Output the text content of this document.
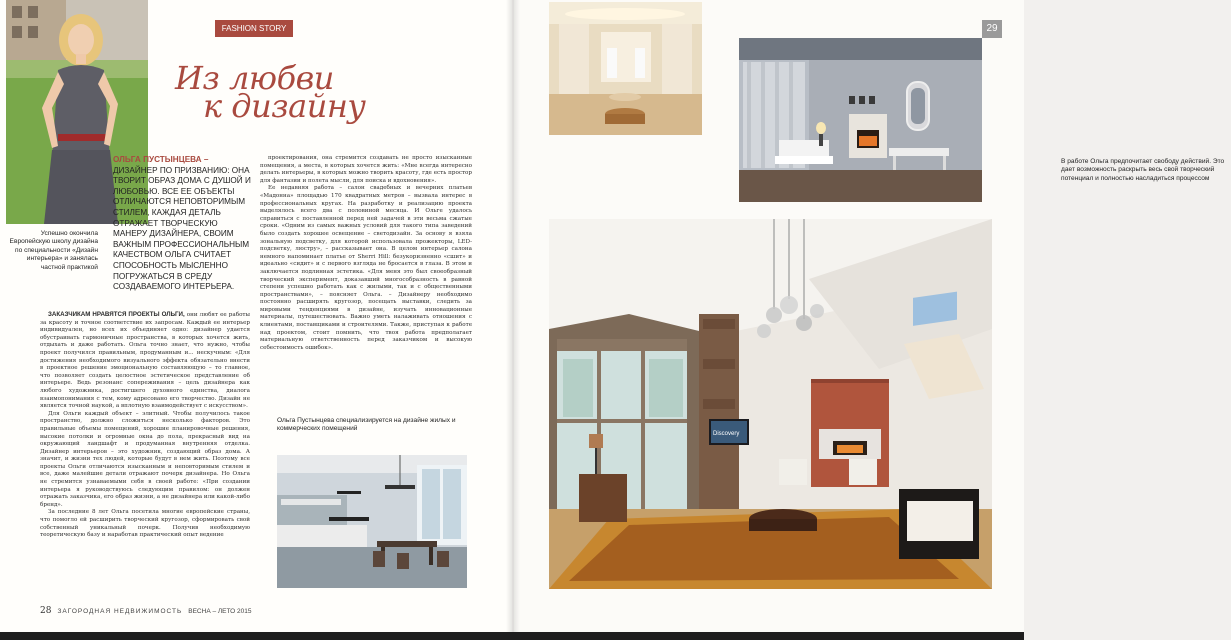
FASHION STORY
Из любви
к дизайну
Успешно окончила Европейскую школу дизайна по специальности «Дизайн интерьера» и занялась частной практикой
ОЛЬГА ПУСТЫНЦЕВА – ДИЗАЙНЕР ПО ПРИЗВАНИЮ: ОНА ТВОРИТ ОБРАЗ ДОМА С ДУШОЙ И ЛЮБОВЬЮ. ВСЕ ЕЕ ОБЪЕКТЫ ОТЛИЧАЮТСЯ НЕПОВТОРИМЫМ СТИЛЕМ, КАЖДАЯ ДЕТАЛЬ ОТРАЖАЕТ ТВОРЧЕСКУЮ МАНЕРУ ДИЗАЙНЕРА, СВОИМ ВАЖНЫМ ПРОФЕССИОНАЛЬНЫМ КАЧЕСТВОМ ОЛЬГА СЧИТАЕТ СПОСОБНОСТЬ МЫСЛЕННО ПОГРУЖАТЬСЯ В СРЕДУ СОЗДАВАЕМОГО ИНТЕРЬЕРА.

ЗАКАЗЧИКАМ НРАВЯТСЯ ПРОЕКТЫ ОЛЬГИ, они любят ее работы за красоту и точное соответствие их запросам. Каждый ее интерьер индивидуален, но всех их объединяет одно: дизайнер удается обустраивать гармоничные пространства, в которых хочется жить, отдыхать и даже работать. Ольга точно знает, что нужно, чтобы проект получился правильным, продуманным и... нескучным: «Для достижения необходимого визуального эффекта обязательно внести в проектное решение эмоциональную составляющую – то главное, что позволяет создать целостное эстетическое представление об интерьере. Ведь резонанс сопереживания – цель дизайнера как любого художника, достигшего духовного единства, диалога взаимопонимания с тем, кому адресовано его творчество. Дизайн не является точной наукой, а вплотную взаимодействует с искусством».

Для Ольги каждый объект – элитный. Чтобы получилось такое пространство, должно сложиться несколько факторов. Это правильные объемы помещений, хорошие планировочные решения, высокие потолки и огромные окна до пола, прекрасный вид на окружающий ландшафт и продуманная внутренняя отделка. Дизайнер интерьеров – это художник, создающий образ дома. А значит, и жизни тех людей, которые будут в нем жить. Поэтому все проекты Ольги отличаются изысканным и неповторимым стилем и все, даже малейшие детали отражают почерк дизайнера. Но Ольга не стремится узнаваемыми себя в своей работе: «При создании интерьера я руководствуюсь следующим правилом: он должен отражать заказчика, его образ жизни, а не дизайнера или какой-либо бренд».

За последние 8 лет Ольга посетила многие европейские страны, что помогло ей расширить творческий кругозор, сформировать свой собственный уникальный почерк. Получив необходимую теоретическую базу и наработав практический опыт ведение

проектирования, она стремится создавать не просто изысканные помещения, а места, в которых хочется жить: «Мне всегда интересно делать интерьеры, в которых можно творить красоту, где есть простор для фантазии и полета мысли, для поиска и вдохновения».

Ее недавняя работа – салон свадебных и вечерних платьев «Мадонна» площадью 170 квадратных метров – вызвала интерес в профессиональных кругах. На разработку и реализацию проекта выделялось всего два с половиной месяца. И Ольге удалось справиться с поставленной перед ней задачей в эти весьма сжатые сроки. «Одним из самых важных условий для такого типа заведений было создать хорошее освещение – светодизайн. За основу я взяла зональную подсветку, для которой использовала прожекторы, LED-подсветку, люстру», – рассказывает она. В целом интерьер салона немного напоминает платье от Sherri Hill: безукоризненно «сшит» и идеально «сидит» и с первого взгляда не бросается в глаза. В этом и заключается подлинная эстетика. «Для меня это был своеобразный творческий эксперимент, доказавший многособразность в равной степени успешно работать как с жилыми, так и с общественными пространствами», – поясняет Ольга. – Дизайнеру необходимо постоянно расширять кругозор, посещать выставки, следить за мировыми тенденциями в дизайне, изучать инновационные материалы, путешествовать. Важно уметь налаживать отношения с клиентами, поставщиками и строителями. Также, приступая к работе над проектом, стоит помнить, что твоя работа предполагает материальную ответственность перед заказчиком и высокую себестоимость ошибок».

Ольга Пустынцева специализируется на дизайне жилых и коммерческих помещений
28 ЗАГОРОДНАЯ НЕДВИЖИМОСТЬ ВЕСНА – ЛЕТО 2015
29
В работе Ольга предпочитает свободу действий. Это дает возможность раскрыть весь свой творческий потенциал и полностью насладиться процессом
Discovery
